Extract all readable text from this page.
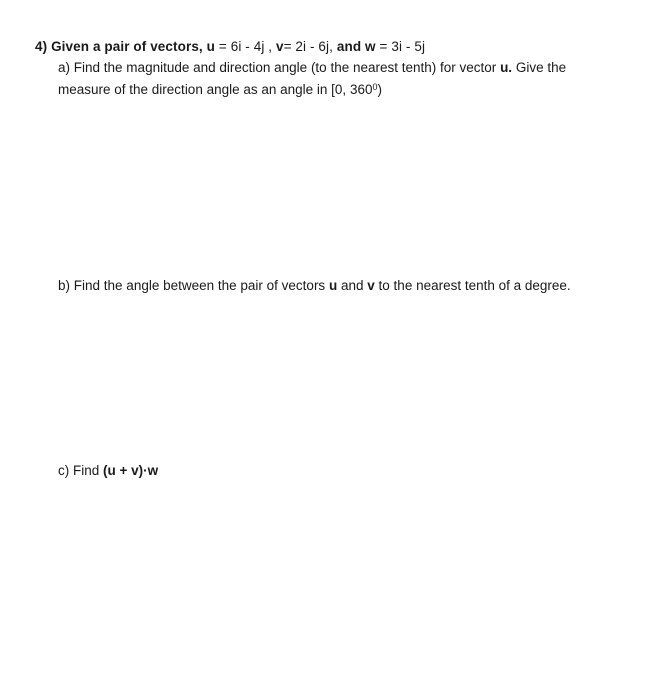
4) Given a pair of vectors, u = 6i - 4j , v= 2i - 6j, and w = 3i - 5j
a) Find the magnitude and direction angle (to the nearest tenth) for vector u. Give the
measure of the direction angle as an angle in [0, $360^0$)
b) Find the angle between the pair of vectors u and v to the nearest tenth of a degree.
c) Find (u + v)·w
